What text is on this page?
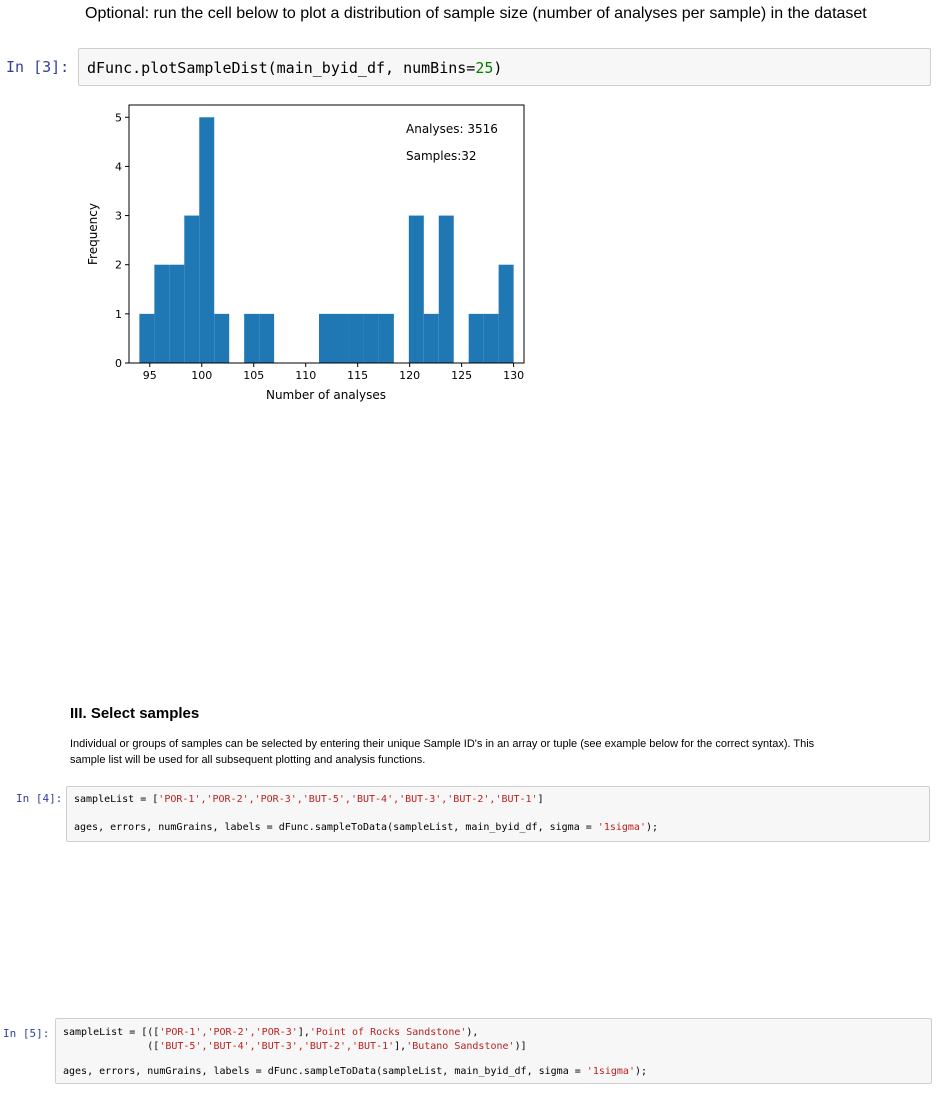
Optional: run the cell below to plot a distribution of sample size (number of analyses per sample) in the dataset
In [3]:

dFunc.plotSampleDist(main_byid_df, numBins=25)

95	100	105	110	115	120	125	130
0
1
2
3
4
5
Analyses: 3516
Samples:32
Number of analyses
Frequency
III. Select samples
Individual or groups of samples can be selected by entering their unique Sample ID's in an array or tuple (see example below for the correct syntax). This
sample list will be used for all subsequent plotting and analysis functions.
In [4]:

sampleList = ['POR-1','POR-2','POR-3','BUT-5','BUT-4','BUT-3','BUT-2','BUT-1']

ages, errors, numGrains, labels = dFunc.sampleToData(sampleList, main_byid_df, sigma = '1sigma');

In [5]:

sampleList = [(['POR-1','POR-2','POR-3'],'Point of Rocks Sandstone'),

(['BUT-5','BUT-4','BUT-3','BUT-2','BUT-1'],'Butano Sandstone')]

ages, errors, numGrains, labels = dFunc.sampleToData(sampleList, main_byid_df, sigma = '1sigma');
